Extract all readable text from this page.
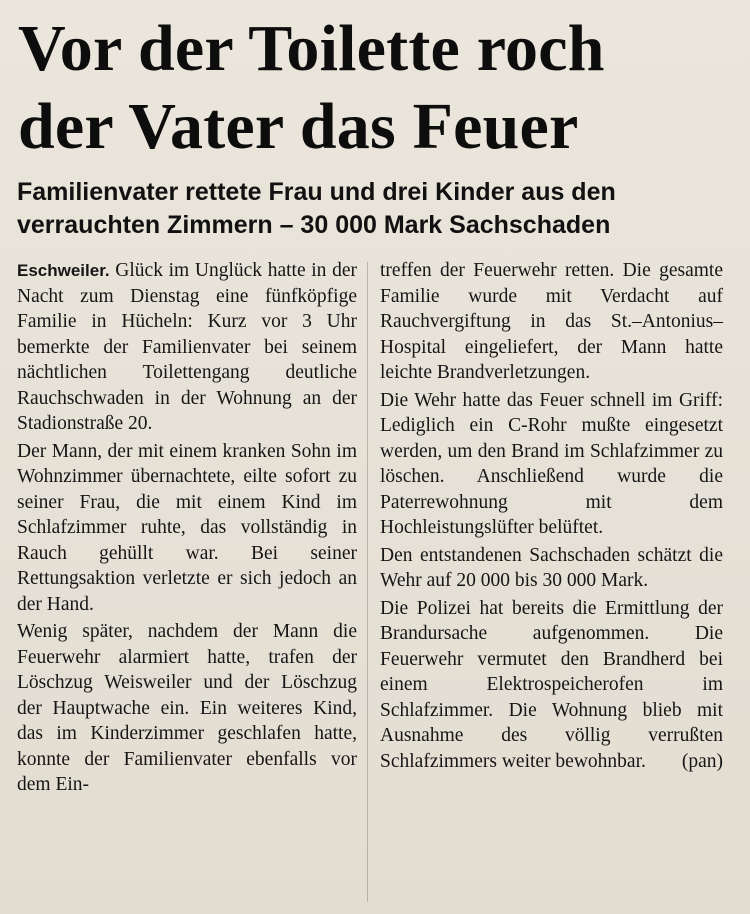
Vor der Toilette roch
der Vater das Feuer
Familienvater rettete Frau und drei Kinder aus den verrauchten Zimmern – 30 000 Mark Sachschaden

Eschweiler. Glück im Unglück hatte in der Nacht zum Dienstag eine fünfköpfige Familie in Hücheln: Kurz vor 3 Uhr bemerkte der Familienvater bei seinem nächtlichen Toilettengang deutliche Rauchschwaden in der Wohnung an der Stadionstraße 20.

Der Mann, der mit einem kranken Sohn im Wohnzimmer übernachtete, eilte sofort zu seiner Frau, die mit einem Kind im Schlafzimmer ruhte, das vollständig in Rauch gehüllt war. Bei seiner Rettungsaktion verletzte er sich jedoch an der Hand.

Wenig später, nachdem der Mann die Feuerwehr alarmiert hatte, trafen der Löschzug Weisweiler und der Löschzug der Hauptwache ein. Ein weiteres Kind, das im Kinderzimmer geschlafen hatte, konnte der Familienvater ebenfalls vor dem Ein-

treffen der Feuerwehr retten. Die gesamte Familie wurde mit Verdacht auf Rauchvergiftung in das St.–Antonius–Hospital eingeliefert, der Mann hatte leichte Brandverletzungen.

Die Wehr hatte das Feuer schnell im Griff: Lediglich ein C-Rohr mußte eingesetzt werden, um den Brand im Schlafzimmer zu löschen. Anschließend wurde die Paterrewohnung mit dem Hochleistungslüfter belüftet.

Den entstandenen Sachschaden schätzt die Wehr auf 20 000 bis 30 000 Mark.

Die Polizei hat bereits die Ermittlung der Brandursache aufgenommen. Die Feuerwehr vermutet den Brandherd bei einem Elektrospeicherofen im Schlafzimmer. Die Wohnung blieb mit Ausnahme des völlig verrußten Schlafzimmers weiter bewohnbar. (pan)
